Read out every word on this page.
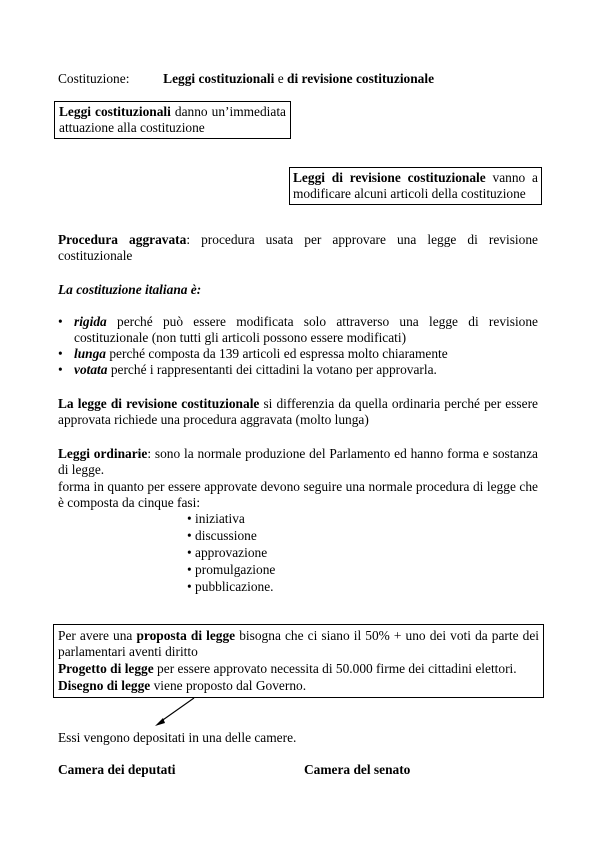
Costituzione:	Leggi costituzionali e di revisione costituzionale
Leggi costituzionali danno un’immediata attuazione alla costituzione
Leggi di revisione costituzionale vanno a modificare alcuni articoli della costituzione
Procedura aggravata: procedura usata per approvare una legge di revisione costituzionale
La costituzione italiana è:
• rigida perché può essere modificata solo attraverso una legge di revisione costituzionale (non tutti gli articoli possono essere modificati)
• lunga perché composta da 139 articoli ed espressa molto chiaramente
• votata perché i rappresentanti dei cittadini la votano per approvarla.
La legge di revisione costituzionale si differenzia da quella ordinaria perché per essere approvata richiede una procedura aggravata (molto lunga)
Leggi ordinarie: sono la normale produzione del Parlamento ed hanno forma e sostanza di legge.
forma in quanto per essere approvate devono seguire una normale procedura di legge che è composta da cinque fasi:
• iniziativa
• discussione
• approvazione
• promulgazione
• pubblicazione.
Per avere una proposta di legge bisogna che ci siano il 50% + uno dei voti da parte dei parlamentari aventi diritto
Progetto di legge per essere approvato necessita di 50.000 firme dei cittadini elettori.
Disegno di legge viene proposto dal Governo.
Essi vengono depositati in una delle camere.
Camera dei deputati	Camera del senato
